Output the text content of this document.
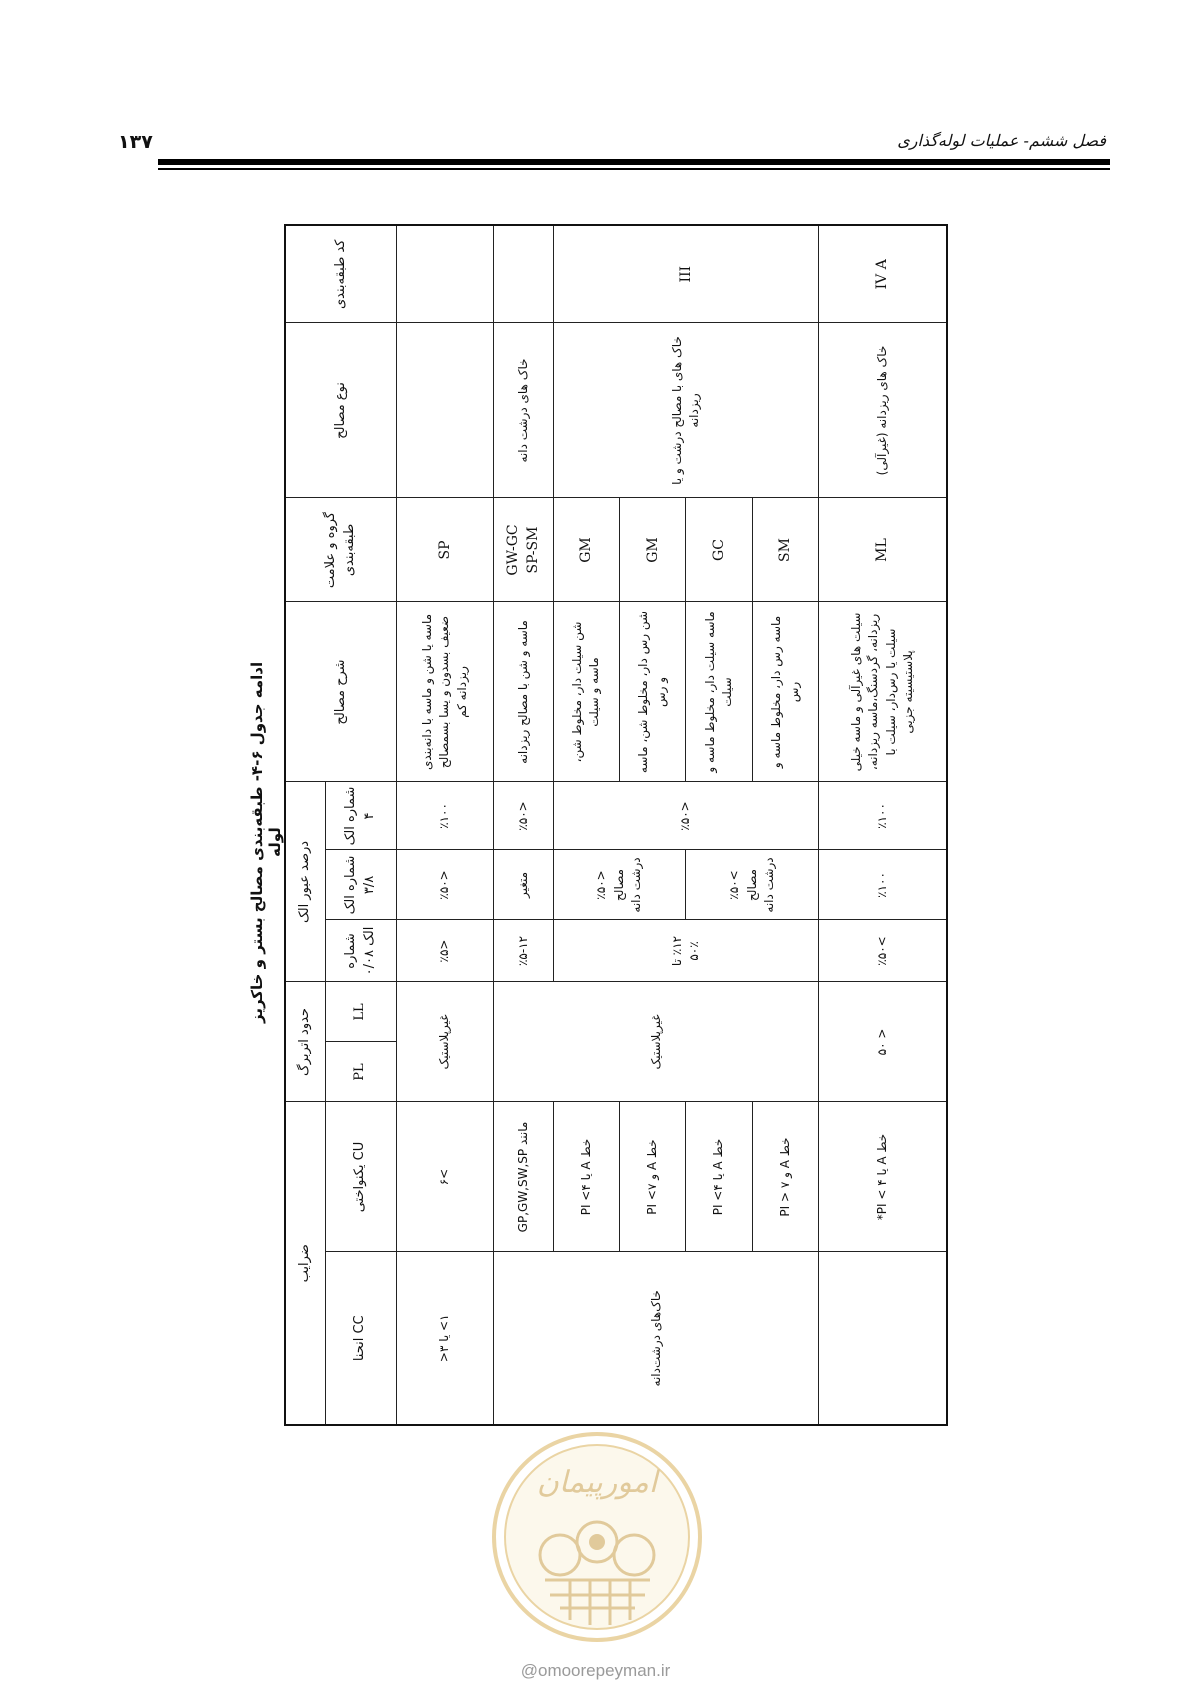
۱۳۷	فصل ششم- عملیات لوله‌گذاری
ادامه جدول ۶-۴- طبقه‌بندی مصالح بستر و خاکریز لوله
کد طبقه‌بندی	نوع مصالح	گروه و علامت طبقه‌بندی	شرح مصالح	درصد عبور الک			حدود اتربرگ		ضرایب	
				شماره الک ۴	شماره الک ۳/۸	شماره الک ۰/۰۸	LL	PL	CU یکنواختی	CC انحنا
		SP	ماسه یا شن و ماسه با دانه‌بندی ضعیف بسدون و یسا بسمصالح ریزدانه کم	٪۱۰۰	<٪۵۰	<٪۵	غیرپلاستیک		>۶	۱> یا ۳<
	خاک های درشت دانه	GW-GC SP-SM	ماسه و شن با مصالح ریزدانه	<٪۵۰	متغیر	٪۵-۱۲	غیرپلاستیک		مانند GP,GW,SW,SP	خاک‌های درشت‌دانه
III	خاک های با مصالح درشت و یا ریزدانه	GM	شن سیلت دار، مخلوط شن، ماسه و سیلت	<٪۵۰	<٪۵۰ مصالح درشت دانه	٪۱۲ تا ٪۵۰			خط A یا ۴> PI	
		GM	شن رس دار، مخلوط شن، ماسه و رس						خط A و ۷> PI	
		GC	ماسه سیلت دار، مخلوط ماسه و سیلت		>٪۵۰ مصالح درشت دانه				خط A یا ۴> PI	
		SM	ماسه رس دار، مخلوط ماسه و رس						خط A و ۷ < PI	
IV A	خاک های ریزدانه (غیرآلی)	ML	سیلت های غیرآلی و ماسه خیلی ریزدانه، گردسنگ،ماسه ریزدانه، سیلت یا رس‌دار، سیلت با پلاستیسیته جزیی	٪۱۰۰	٪۱۰۰	>٪۵۰	< ۵۰		خط A یا ۴ > PI*	
امورپیمان
@omoorepeyman.ir
